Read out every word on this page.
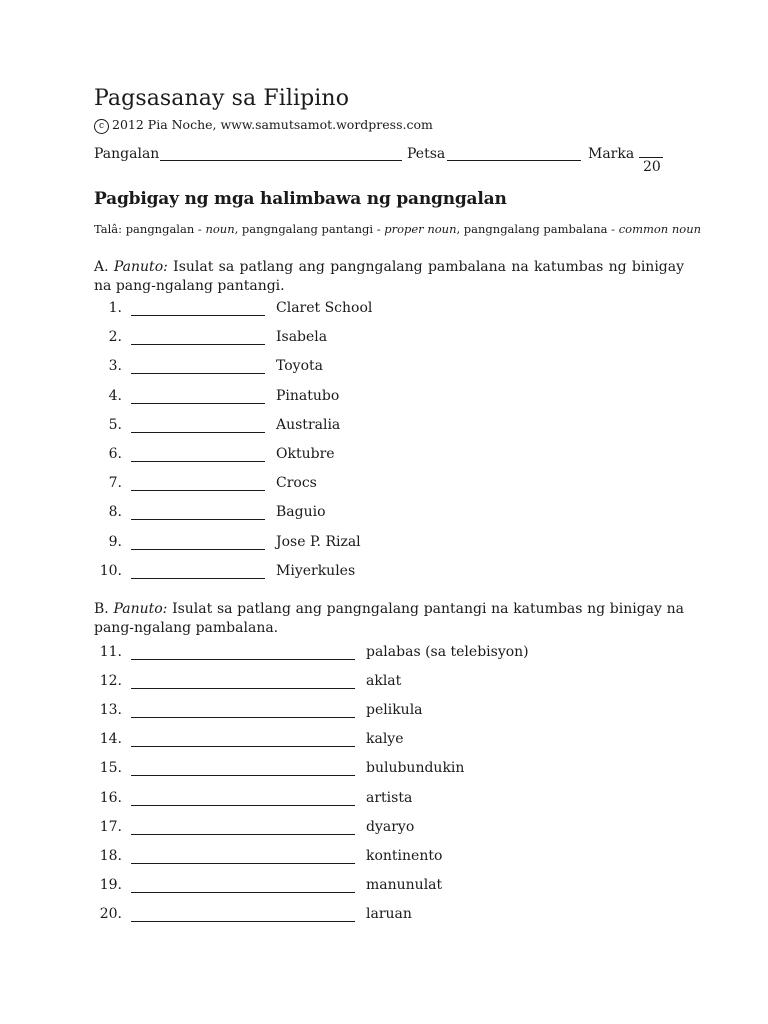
Pagsasanay sa Filipino
c 2012 Pia Noche, www.samutsamot.wordpress.com
Pangalan	Petsa	Marka
20
Pagbigay ng mga halimbawa ng pangngalan
Talâ: pangngalan - noun, pangngalang pantangi - proper noun, pangngalang pambalana - common noun
A. Panuto: Isulat sa patlang ang pangngalang pambalana na katumbas ng binigay na pang-ngalang pantangi.
1.	Claret School
2.	Isabela
3.	Toyota
4.	Pinatubo
5.	Australia
6.	Oktubre
7.	Crocs
8.	Baguio
9.	Jose P. Rizal
10.	Miyerkules
B. Panuto: Isulat sa patlang ang pangngalang pantangi na katumbas ng binigay na pang-ngalang pambalana.
11.	palabas (sa telebisyon)
12.	aklat
13.	pelikula
14.	kalye
15.	bulubundukin
16.	artista
17.	dyaryo
18.	kontinento
19.	manunulat
20.	laruan
